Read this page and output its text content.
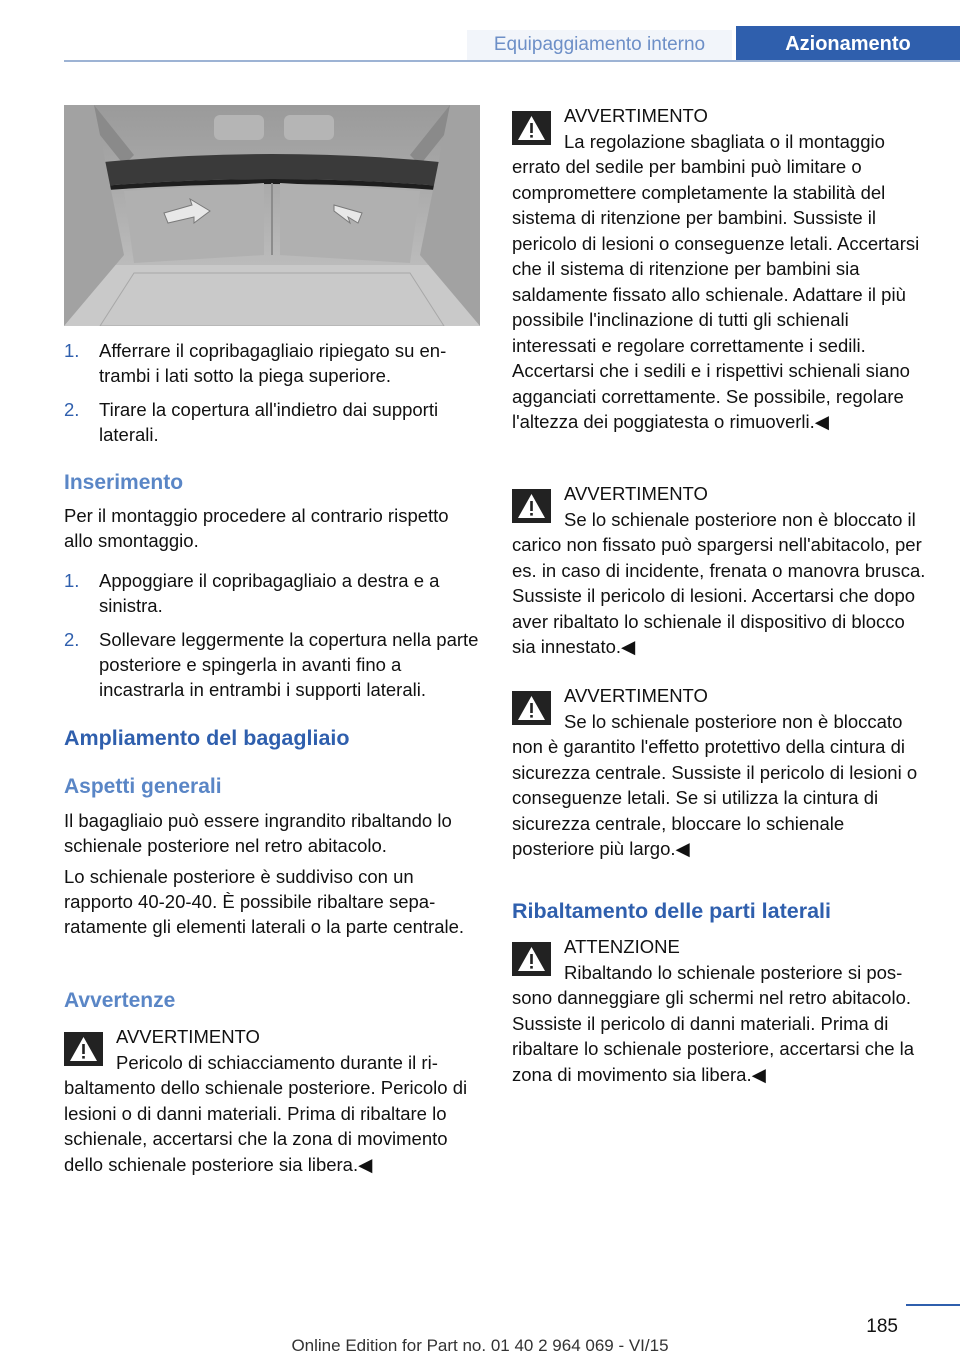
Equipaggiamento interno	Azionamento
1. Afferrare il copribagagliaio ripiegato su entrambi i lati sotto la piega superiore.
2. Tirare la copertura all'indietro dai supporti laterali.
Inserimento

Per il montaggio procedere al contrario rispetto allo smontaggio.

1. Appoggiare il copribagagliaio a destra e a sinistra.
2. Sollevare leggermente la copertura nella parte posteriore e spingerla in avanti fino a incastrarla in entrambi i supporti laterali.
Ampliamento del bagagliaio
Aspetti generali

Il bagagliaio può essere ingrandito ribaltando lo schienale posteriore nel retro abitacolo.

Lo schienale posteriore è suddiviso con un rapporto 40-20-40. È possibile ribaltare separatamente gli elementi laterali o la parte centrale.

Avvertenze
AVVERTIMENTO
Pericolo di schiacciamento durante il ribaltamento dello schienale posteriore. Pericolo di lesioni o di danni materiali. Prima di ribaltare lo schienale, accertarsi che la zona di movimento dello schienale posteriore sia libera.◀
AVVERTIMENTO
La regolazione sbagliata o il montaggio errato del sedile per bambini può limitare o compromettere completamente la stabilità del sistema di ritenzione per bambini. Sussiste il pericolo di lesioni o conseguenze letali. Accertarsi che il sistema di ritenzione per bambini sia saldamente fissato allo schienale. Adattare il più possibile l'inclinazione di tutti gli schienali interessati e regolare correttamente i sedili. Accertarsi che i sedili e i rispettivi schienali siano agganciati correttamente. Se possibile, regolare l'altezza dei poggiatesta o rimuoverli.◀
AVVERTIMENTO
Se lo schienale posteriore non è bloccato il carico non fissato può spargersi nell'abitacolo, per es. in caso di incidente, frenata o manovra brusca. Sussiste il pericolo di lesioni. Accertarsi che dopo aver ribaltato lo schienale il dispositivo di blocco sia innestato.◀
AVVERTIMENTO
Se lo schienale posteriore non è bloccato non è garantito l'effetto protettivo della cintura di sicurezza centrale. Sussiste il pericolo di lesioni o conseguenze letali. Se si utilizza la cintura di sicurezza centrale, bloccare lo schienale posteriore più largo.◀
Ribaltamento delle parti laterali
ATTENZIONE
Ribaltando lo schienale posteriore si possono danneggiare gli schermi nel retro abitacolo. Sussiste il pericolo di danni materiali. Prima di ribaltare lo schienale posteriore, accertarsi che la zona di movimento sia libera.◀
185
Online Edition for Part no. 01 40 2 964 069 - VI/15
